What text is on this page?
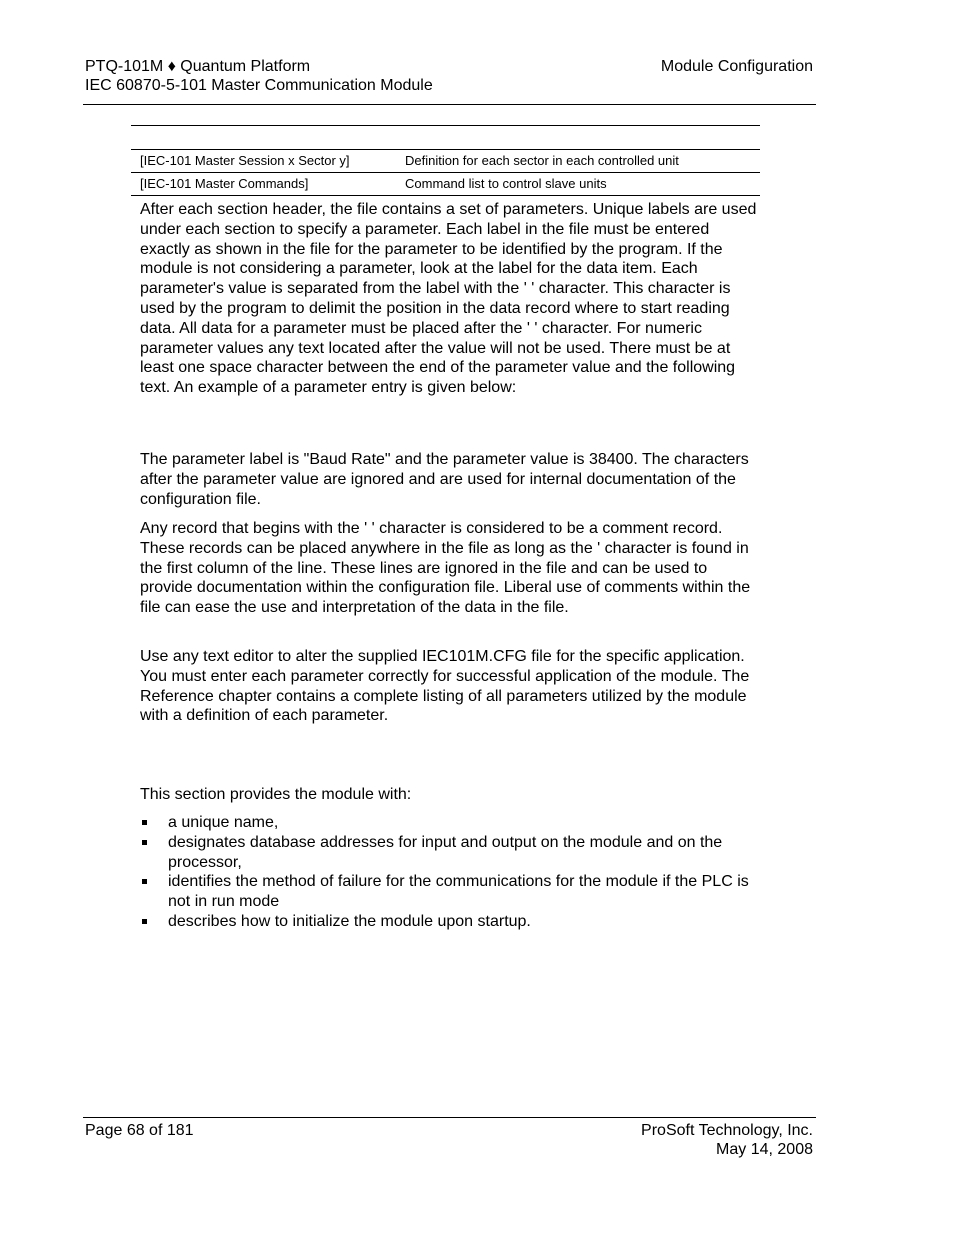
PTQ-101M ♦ Quantum Platform
IEC 60870-5-101 Master Communication Module
Module Configuration
[IEC-101 Master Session x Sector y]	Definition for each sector in each controlled unit
[IEC-101 Master Commands]	Command list to control slave units

After each section header, the file contains a set of parameters. Unique labels are used under each section to specify a parameter. Each label in the file must be entered exactly as shown in the file for the parameter to be identified by the program. If the module is not considering a parameter, look at the label for the data item. Each parameter's value is separated from the label with the ' ' character. This character is used by the program to delimit the position in the data record where to start reading data. All data for a parameter must be placed after the ' ' character. For numeric parameter values any text located after the value will not be used. There must be at least one space character between the end of the parameter value and the following text. An example of a parameter entry is given below:

The parameter label is "Baud Rate" and the parameter value is 38400. The characters after the parameter value are ignored and are used for internal documentation of the configuration file.

Any record that begins with the ' ' character is considered to be a comment record. These records can be placed anywhere in the file as long as the ' character is found in the first column of the line. These lines are ignored in the file and can be used to provide documentation within the configuration file. Liberal use of comments within the file can ease the use and interpretation of the data in the file.

Use any text editor to alter the supplied IEC101M.CFG file for the specific application. You must enter each parameter correctly for successful application of the module. The Reference chapter contains a complete listing of all parameters utilized by the module with a definition of each parameter.

This section provides the module with:

a unique name,
designates database addresses for input and output on the module and on the processor,
identifies the method of failure for the communications for the module if the PLC is not in run mode
describes how to initialize the module upon startup.
Page 68 of 181	ProSoft Technology, Inc.
May 14, 2008
